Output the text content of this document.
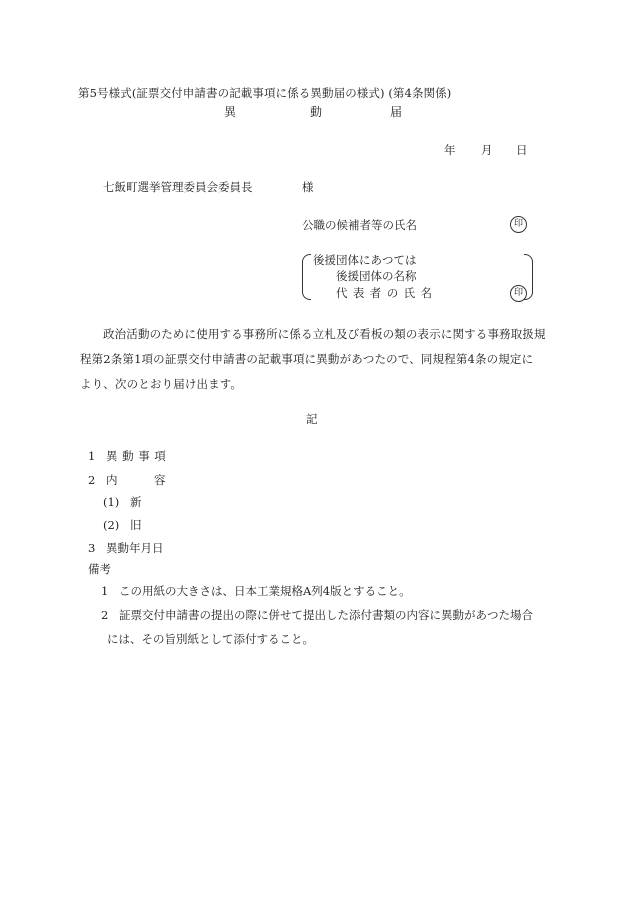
第5号様式(証票交付申請書の記載事項に係る異動届の様式) (第4条関係)
異	動	届
年 月 日
七飯町選挙管理委員会委員長	様
公職の候補者等の氏名	印
後援団体にあつては
後援団体の名称
代表者の氏名	印
政治活動のために使用する事務所に係る立札及び看板の類の表示に関する事務取扱規
程第2条第1項の証票交付申請書の記載事項に異動があつたので、同規程第4条の規定に
より、次のとおり届け出ます。
記
1 異動事項
2 内	容
(1) 新
(2) 旧
3 異動年月日
備考
1 この用紙の大きさは、日本工業規格A列4版とすること。
2 証票交付申請書の提出の際に併せて提出した添付書類の内容に異動があつた場合
には、その旨別紙として添付すること。
